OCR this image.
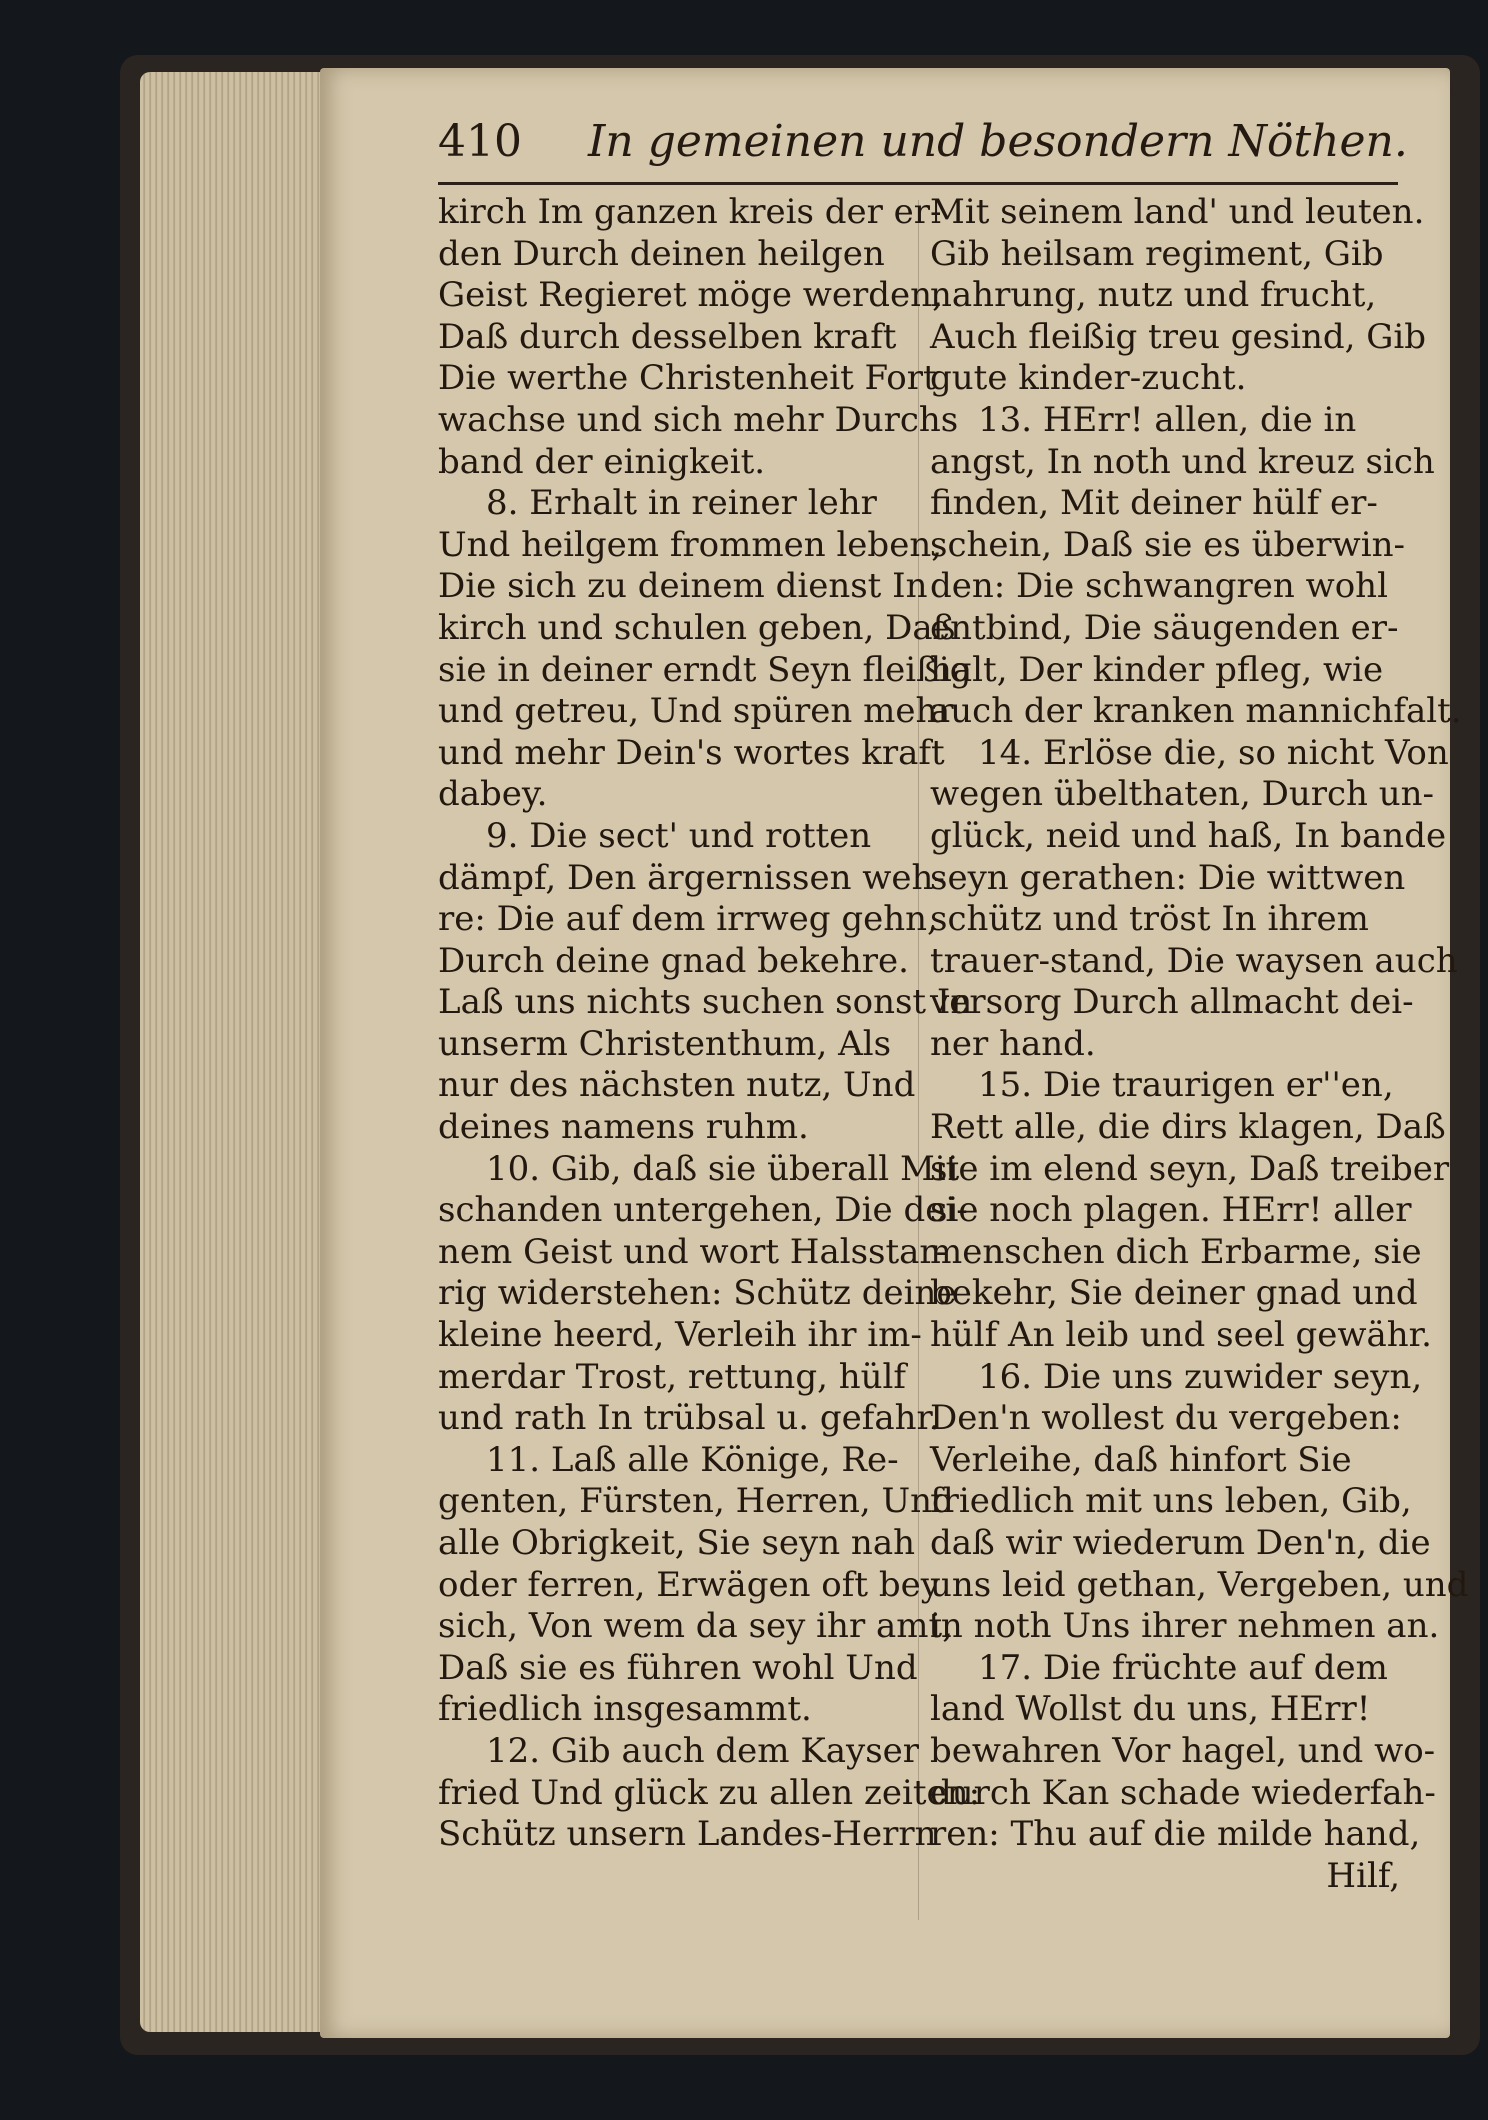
410 In gemeinen und besondern Nöthen.
kirch Im ganzen kreis der er-
den Durch deinen heilgen
Geist Regieret möge werden,
Daß durch desselben kraft
Die werthe Christenheit Fort
wachse und sich mehr Durchs
band der einigkeit.
8. Erhalt in reiner lehr
Und heilgem frommen leben,
Die sich zu deinem dienst In
kirch und schulen geben, Daß
sie in deiner erndt Seyn fleißig
und getreu, Und spüren mehr
und mehr Dein's wortes kraft
dabey.
9. Die sect' und rotten
dämpf, Den ärgernissen weh-
re: Die auf dem irrweg gehn,
Durch deine gnad bekehre.
Laß uns nichts suchen sonst In
unserm Christenthum, Als
nur des nächsten nutz, Und
deines namens ruhm.
10. Gib, daß sie überall Mit
schanden untergehen, Die dei-
nem Geist und wort Halsstar-
rig widerstehen: Schütz deine
kleine heerd, Verleih ihr im-
merdar Trost, rettung, hülf
und rath In trübsal u. gefahr.
11. Laß alle Könige, Re-
genten, Fürsten, Herren, Und
alle Obrigkeit, Sie seyn nah
oder ferren, Erwägen oft bey
sich, Von wem da sey ihr amt,
Daß sie es führen wohl Und
friedlich insgesammt.
12. Gib auch dem Kayser
fried Und glück zu allen zeiten:
Schütz unsern Landes-Herrn
Mit seinem land' und leuten.
Gib heilsam regiment, Gib
nahrung, nutz und frucht,
Auch fleißig treu gesind, Gib
gute kinder-zucht.
13. HErr! allen, die in
angst, In noth und kreuz sich
finden, Mit deiner hülf er-
schein, Daß sie es überwin-
den: Die schwangren wohl
entbind, Die säugenden er-
halt, Der kinder pfleg, wie
auch der kranken mannichfalt.
14. Erlöse die, so nicht Von
wegen übelthaten, Durch un-
glück, neid und haß, In bande
seyn gerathen: Die wittwen
schütz und tröst In ihrem
trauer-stand, Die waysen auch
versorg Durch allmacht dei-
ner hand.
15. Die traurigen er''en,
Rett alle, die dirs klagen, Daß
sie im elend seyn, Daß treiber
sie noch plagen. HErr! aller
menschen dich Erbarme, sie
bekehr, Sie deiner gnad und
hülf An leib und seel gewähr.
16. Die uns zuwider seyn,
Den'n wollest du vergeben:
Verleihe, daß hinfort Sie
friedlich mit uns leben, Gib,
daß wir wiederum Den'n, die
uns leid gethan, Vergeben, und
in noth Uns ihrer nehmen an.
17. Die früchte auf dem
land Wollst du uns, HErr!
bewahren Vor hagel, und wo-
durch Kan schade wiederfah-
ren: Thu auf die milde hand,
Hilf,
